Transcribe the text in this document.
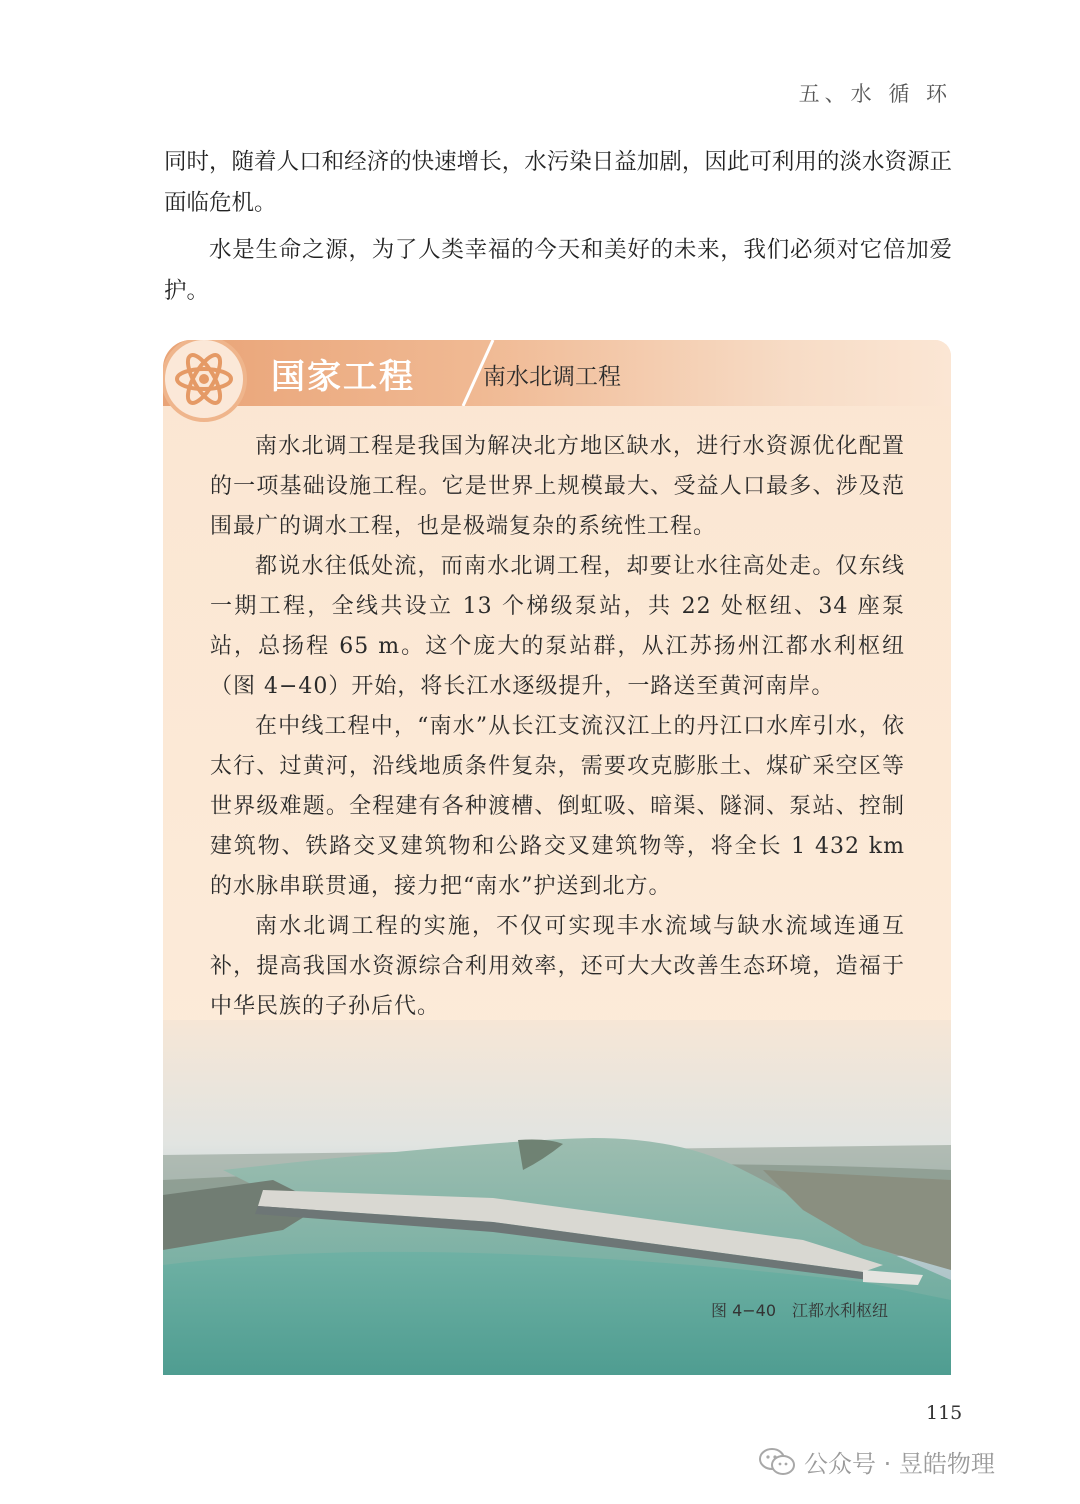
五、水 循 环

同时，随着人口和经济的快速增长，水污染日益加剧，因此可利用的淡水资源正面临危机。

水是生命之源，为了人类幸福的今天和美好的未来，我们必须对它倍加爱护。

国家工程	南水北调工程

南水北调工程是我国为解决北方地区缺水，进行水资源优化配置的一项基础设施工程。它是世界上规模最大、受益人口最多、涉及范围最广的调水工程，也是极端复杂的系统性工程。

都说水往低处流，而南水北调工程，却要让水往高处走。仅东线一期工程，全线共设立 13 个梯级泵站，共 22 处枢纽、34 座泵站，总扬程 65 m。这个庞大的泵站群，从江苏扬州江都水利枢纽（图 4−40）开始，将长江水逐级提升，一路送至黄河南岸。

在中线工程中，“南水”从长江支流汉江上的丹江口水库引水，依太行、过黄河，沿线地质条件复杂，需要攻克膨胀土、煤矿采空区等世界级难题。全程建有各种渡槽、倒虹吸、暗渠、隧洞、泵站、控制建筑物、铁路交叉建筑物和公路交叉建筑物等，将全长 1 432 km 的水脉串联贯通，接力把“南水”护送到北方。

南水北调工程的实施，不仅可实现丰水流域与缺水流域连通互补，提高我国水资源综合利用效率，还可大大改善生态环境，造福于中华民族的子孙后代。

图 4−40　江都水利枢纽
115
公众号 · 昱皓物理
